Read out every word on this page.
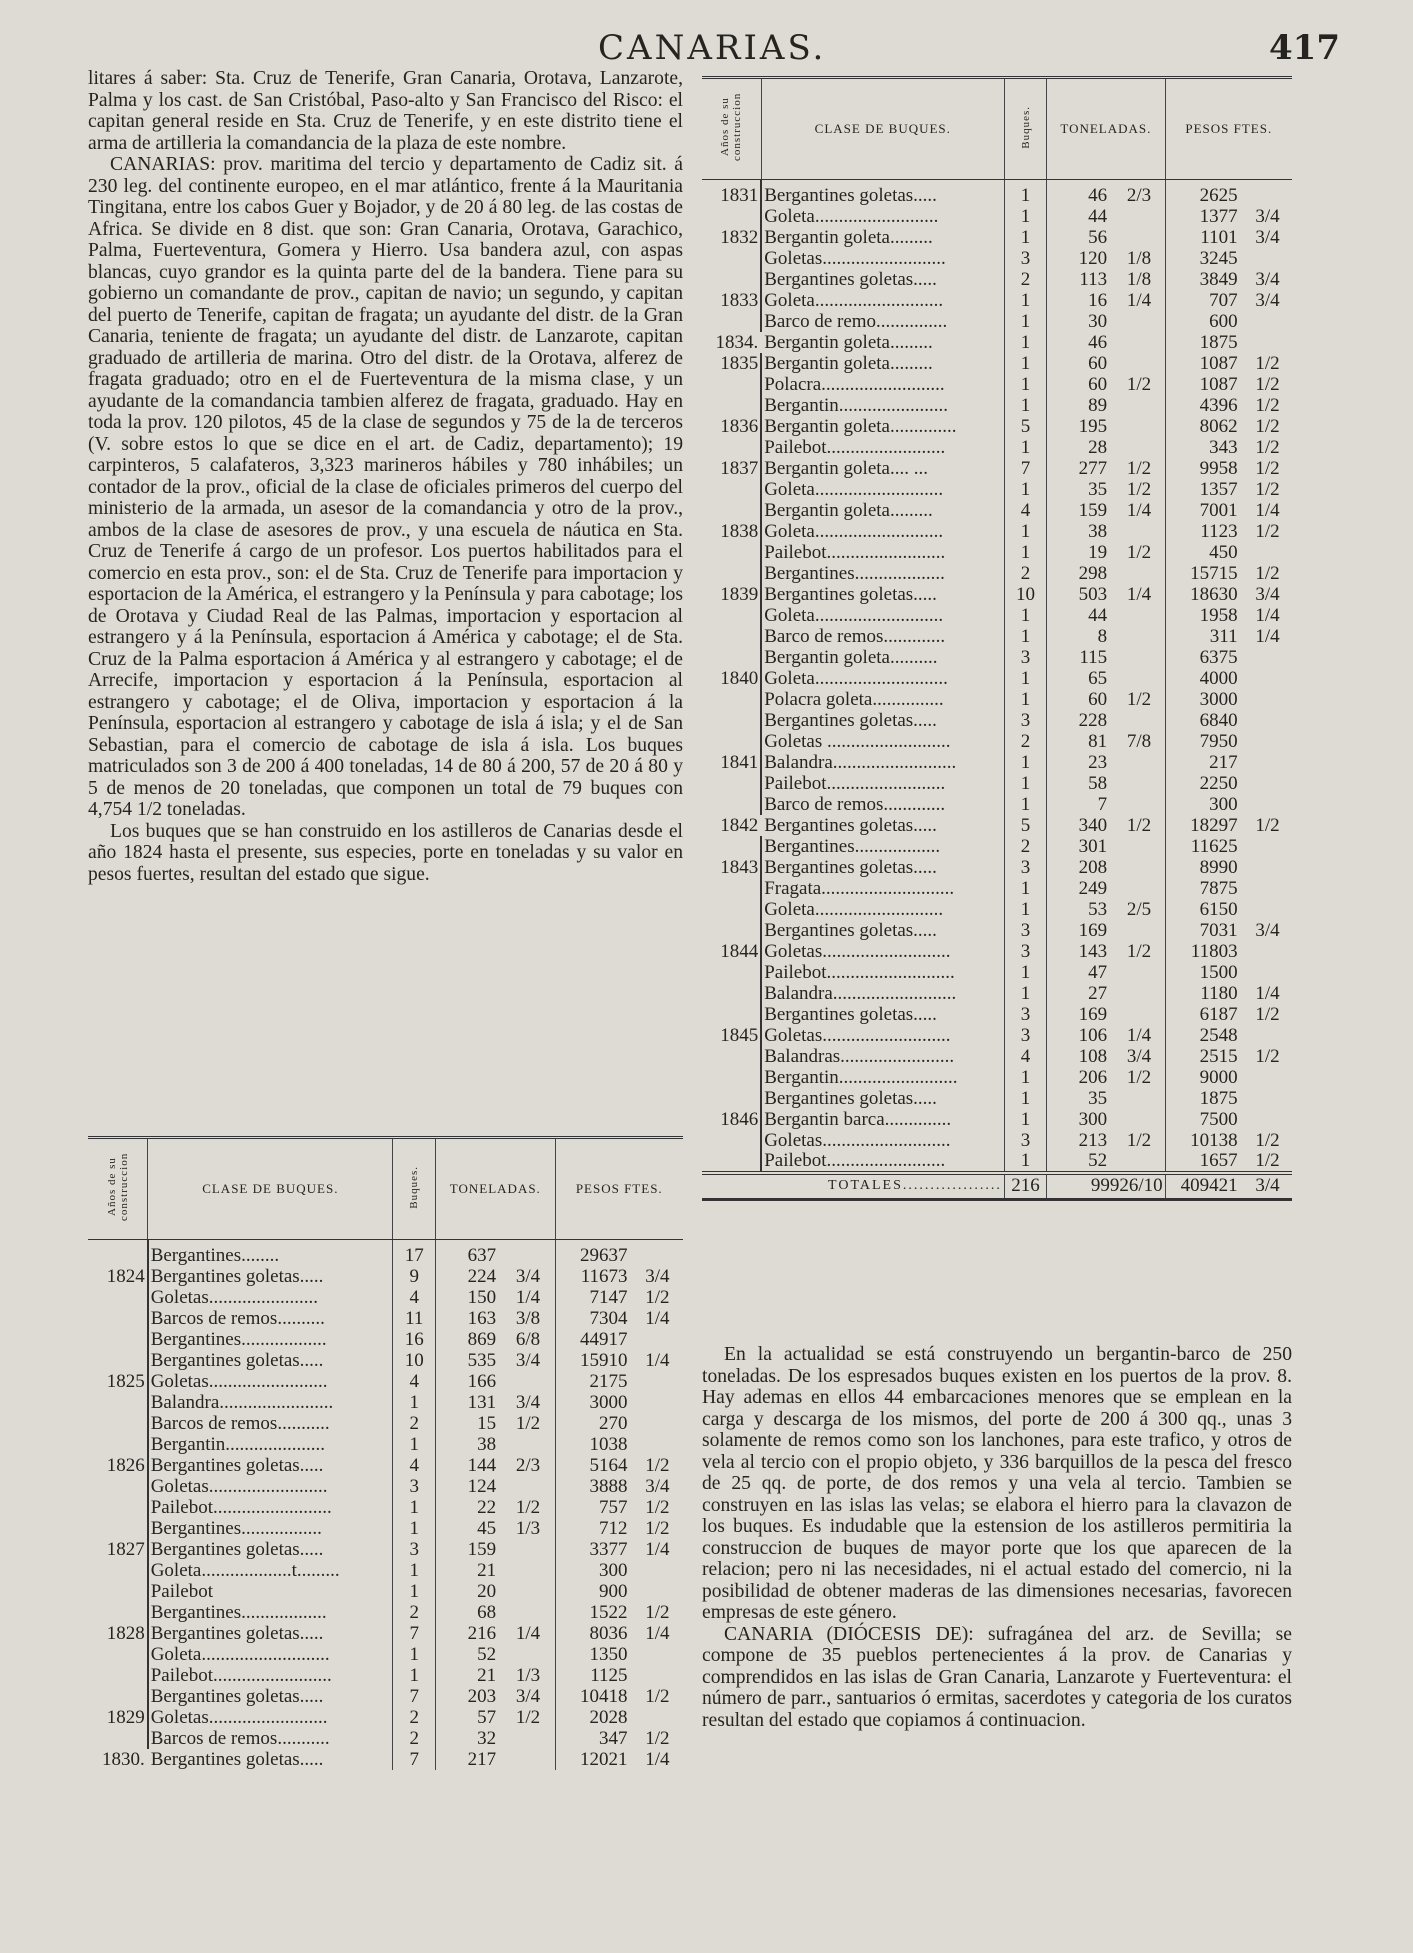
CANARIAS.	417

litares á saber: Sta. Cruz de Tenerife, Gran Canaria, Orotava, Lanzarote, Palma y los cast. de San Cristóbal, Paso-alto y San Francisco del Risco: el capitan general reside en Sta. Cruz de Tenerife, y en este distrito tiene el arma de artilleria la comandancia de la plaza de este nombre.

CANARIAS: prov. maritima del tercio y departamento de Cadiz sit. á 230 leg. del continente europeo, en el mar atlántico, frente á la Mauritania Tingitana, entre los cabos Guer y Bojador, y de 20 á 80 leg. de las costas de Africa. Se divide en 8 dist. que son: Gran Canaria, Orotava, Garachico, Palma, Fuerteventura, Gomera y Hierro. Usa bandera azul, con aspas blancas, cuyo grandor es la quinta parte del de la bandera. Tiene para su gobierno un comandante de prov., capitan de navio; un segundo, y capitan del puerto de Tenerife, capitan de fragata; un ayudante del distr. de la Gran Canaria, teniente de fragata; un ayudante del distr. de Lanzarote, capitan graduado de artilleria de marina. Otro del distr. de la Orotava, alferez de fragata graduado; otro en el de Fuerteventura de la misma clase, y un ayudante de la comandancia tambien alferez de fragata, graduado. Hay en toda la prov. 120 pilotos, 45 de la clase de segundos y 75 de la de terceros (V. sobre estos lo que se dice en el art. de Cadiz, departamento); 19 carpinteros, 5 calafateros, 3,323 marineros hábiles y 780 inhábiles; un contador de la prov., oficial de la clase de oficiales primeros del cuerpo del ministerio de la armada, un asesor de la comandancia y otro de la prov., ambos de la clase de asesores de prov., y una escuela de náutica en Sta. Cruz de Tenerife á cargo de un profesor. Los puertos habilitados para el comercio en esta prov., son: el de Sta. Cruz de Tenerife para importacion y esportacion de la América, el estrangero y la Península y para cabotage; los de Orotava y Ciudad Real de las Palmas, importacion y esportacion al estrangero y á la Península, esportacion á América y cabotage; el de Sta. Cruz de la Palma esportacion á América y al estrangero y cabotage; el de Arrecife, importacion y esportacion á la Península, esportacion al estrangero y cabotage; el de Oliva, importacion y esportacion á la Península, esportacion al estrangero y cabotage de isla á isla; y el de San Sebastian, para el comercio de cabotage de isla á isla. Los buques matriculados son 3 de 200 á 400 toneladas, 14 de 80 á 200, 57 de 20 á 80 y 5 de menos de 20 toneladas, que componen un total de 79 buques con 4,754 1/2 toneladas.

Los buques que se han construido en los astilleros de Canarias desde el año 1824 hasta el presente, sus especies, porte en toneladas y su valor en pesos fuertes, resultan del estado que sigue.

Años de su construccion	CLASE DE BUQUES.	Buques.	TONELADAS.	PESOS FTES.
	Bergantines........	17	637	29637
1824	Bergantines goletas.....	9	224 3/4	11673 3/4
	Goletas.......................	4	150 1/4	7147 1/2
	Barcos de remos..........	11	163 3/8	7304 1/4
	Bergantines..................	16	869 6/8	44917
	Bergantines goletas.....	10	535 3/4	15910 1/4
1825	Goletas.........................	4	166	2175
	Balandra........................	1	131 3/4	3000
	Barcos de remos...........	2	15 1/2	270
	Bergantin.....................	1	38	1038
1826	Bergantines goletas.....	4	144 2/3	5164 1/2
	Goletas.........................	3	124	3888 3/4
	Pailebot.........................	1	22 1/2	757 1/2
	Bergantines.................	1	45 1/3	712 1/2
1827	Bergantines goletas.....	3	159	3377 1/4
	Goleta...................t.........	1	21	300
	Pailebot	1	20	900
	Bergantines..................	2	68	1522 1/2
1828	Bergantines goletas.....	7	216 1/4	8036 1/4
	Goleta...........................	1	52	1350
	Pailebot.........................	1	21 1/3	1125
	Bergantines goletas.....	7	203 3/4	10418 1/2
1829	Goletas.........................	2	57 1/2	2028
	Barcos de remos...........	2	32	347 1/2
1830.	Bergantines goletas.....	7	217	12021 1/4
Años de su construccion	CLASE DE BUQUES.	Buques.	TONELADAS.	PESOS FTES.
1831	Bergantines goletas.....	1	46 2/3	2625
	Goleta..........................	1	44	1377 3/4
1832	Bergantin goleta.........	1	56	1101 3/4
	Goletas..........................	3	120 1/8	3245
	Bergantines goletas.....	2	113 1/8	3849 3/4
1833	Goleta...........................	1	16 1/4	707 3/4
	Barco de remo...............	1	30	600
1834.	Bergantin goleta.........	1	46	1875
1835	Bergantin goleta.........	1	60	1087 1/2
	Polacra..........................	1	60 1/2	1087 1/2
	Bergantin.......................	1	89	4396 1/2
1836	Bergantin goleta..............	5	195	8062 1/2
	Pailebot.........................	1	28	343 1/2
1837	Bergantin goleta.... ...	7	277 1/2	9958 1/2
	Goleta...........................	1	35 1/2	1357 1/2
	Bergantin goleta.........	4	159 1/4	7001 1/4
1838	Goleta...........................	1	38	1123 1/2
	Pailebot.........................	1	19 1/2	450
	Bergantines...................	2	298	15715 1/2
1839	Bergantines goletas.....	10	503 1/4	18630 3/4
	Goleta...........................	1	44	1958 1/4
	Barco de remos.............	1	8	311 1/4
	Bergantin goleta..........	3	115	6375
1840	Goleta............................	1	65	4000
	Polacra goleta...............	1	60 1/2	3000
	Bergantines goletas.....	3	228	6840
	Goletas ..........................	2	81 7/8	7950
1841	Balandra..........................	1	23	217
	Pailebot.........................	1	58	2250
	Barco de remos.............	1	7	300
1842	Bergantines goletas.....	5	340 1/2	18297 1/2
	Bergantines..................	2	301	11625
1843	Bergantines goletas.....	3	208	8990
	Fragata............................	1	249	7875
	Goleta...........................	1	53 2/5	6150
	Bergantines goletas.....	3	169	7031 3/4
1844	Goletas...........................	3	143 1/2	11803
	Pailebot...........................	1	47	1500
	Balandra..........................	1	27	1180 1/4
	Bergantines goletas.....	3	169	6187 1/2
1845	Goletas...........................	3	106 1/4	2548
	Balandras........................	4	108 3/4	2515 1/2
	Bergantin.........................	1	206 1/2	9000
	Bergantines goletas.....	1	35	1875
1846	Bergantin barca..............	1	300	7500
	Goletas...........................	3	213 1/2	10138 1/2
	Pailebot.........................	1	52	1657 1/2
	TOTALES..................	216	99926/10	409421 3/4

En la actualidad se está construyendo un bergantin-barco de 250 toneladas. De los espresados buques existen en los puertos de la prov. 8. Hay ademas en ellos 44 embarcaciones menores que se emplean en la carga y descarga de los mismos, del porte de 200 á 300 qq., unas 3 solamente de remos como son los lanchones, para este trafico, y otros de vela al tercio con el propio objeto, y 336 barquillos de la pesca del fresco de 25 qq. de porte, de dos remos y una vela al tercio. Tambien se construyen en las islas las velas; se elabora el hierro para la clavazon de los buques. Es indudable que la estension de los astilleros permitiria la construccion de buques de mayor porte que los que aparecen de la relacion; pero ni las necesidades, ni el actual estado del comercio, ni la posibilidad de obtener maderas de las dimensiones necesarias, favorecen empresas de este género.

CANARIA (DIÓCESIS DE): sufragánea del arz. de Sevilla; se compone de 35 pueblos pertenecientes á la prov. de Canarias y comprendidos en las islas de Gran Canaria, Lanzarote y Fuerteventura: el número de parr., santuarios ó ermitas, sacerdotes y categoria de los curatos resultan del estado que copiamos á continuacion.
